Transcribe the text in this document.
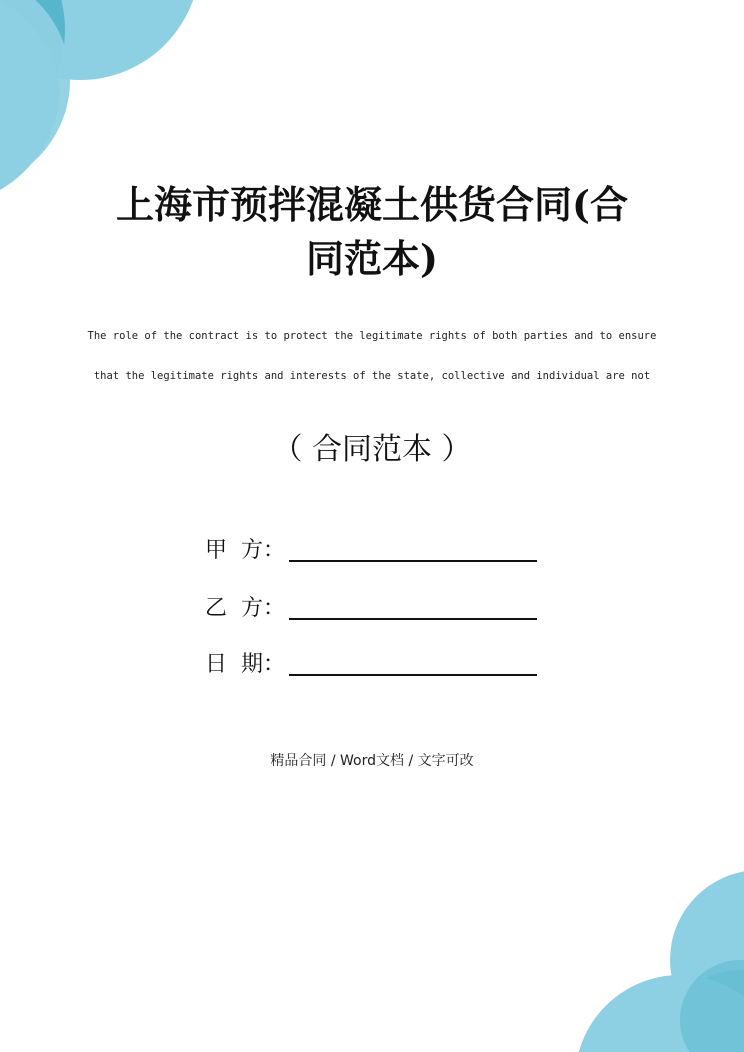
上海市预拌混凝土供货合同(合
同范本)
The role of the contract is to protect the legitimate rights of both parties and to ensure
that the legitimate rights and interests of the state, collective and individual are not
（ 合同范本 ）
甲  方：
乙  方：
日  期：
精品合同 / Word文档 / 文字可改
